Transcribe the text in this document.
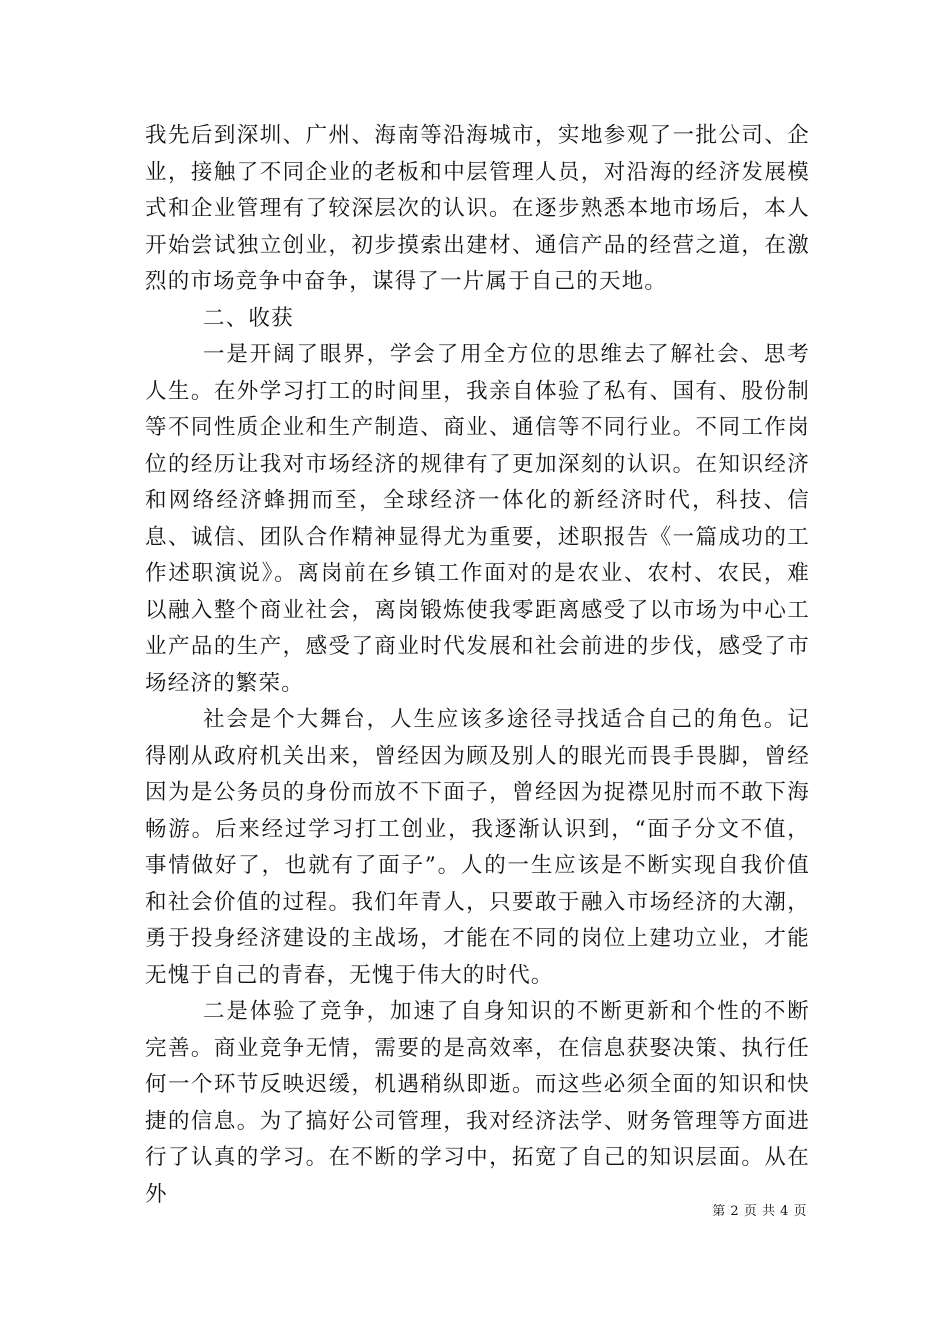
我先后到深圳、广州、海南等沿海城市，实地参观了一批公司、企业，接触了不同企业的老板和中层管理人员，对沿海的经济发展模式和企业管理有了较深层次的认识。在逐步熟悉本地市场后，本人开始尝试独立创业，初步摸索出建材、通信产品的经营之道，在激烈的市场竞争中奋争，谋得了一片属于自己的天地。

二、收获

一是开阔了眼界，学会了用全方位的思维去了解社会、思考人生。在外学习打工的时间里，我亲自体验了私有、国有、股份制等不同性质企业和生产制造、商业、通信等不同行业。不同工作岗位的经历让我对市场经济的规律有了更加深刻的认识。在知识经济和网络经济蜂拥而至，全球经济一体化的新经济时代，科技、信息、诚信、团队合作精神显得尤为重要，述职报告《一篇成功的工作述职演说》。离岗前在乡镇工作面对的是农业、农村、农民，难以融入整个商业社会，离岗锻炼使我零距离感受了以市场为中心工业产品的生产，感受了商业时代发展和社会前进的步伐，感受了市场经济的繁荣。

社会是个大舞台，人生应该多途径寻找适合自己的角色。记得刚从政府机关出来，曾经因为顾及别人的眼光而畏手畏脚，曾经因为是公务员的身份而放不下面子，曾经因为捉襟见肘而不敢下海畅游。后来经过学习打工创业，我逐渐认识到，“面子分文不值，事情做好了，也就有了面子”。人的一生应该是不断实现自我价值和社会价值的过程。我们年青人，只要敢于融入市场经济的大潮，勇于投身经济建设的主战场，才能在不同的岗位上建功立业，才能无愧于自己的青春，无愧于伟大的时代。

二是体验了竞争，加速了自身知识的不断更新和个性的不断完善。商业竞争无情，需要的是高效率，在信息获娶决策、执行任何一个环节反映迟缓，机遇稍纵即逝。而这些必须全面的知识和快捷的信息。为了搞好公司管理，我对经济法学、财务管理等方面进行了认真的学习。在不断的学习中，拓宽了自己的知识层面。从在外

第 2 页 共 4 页
